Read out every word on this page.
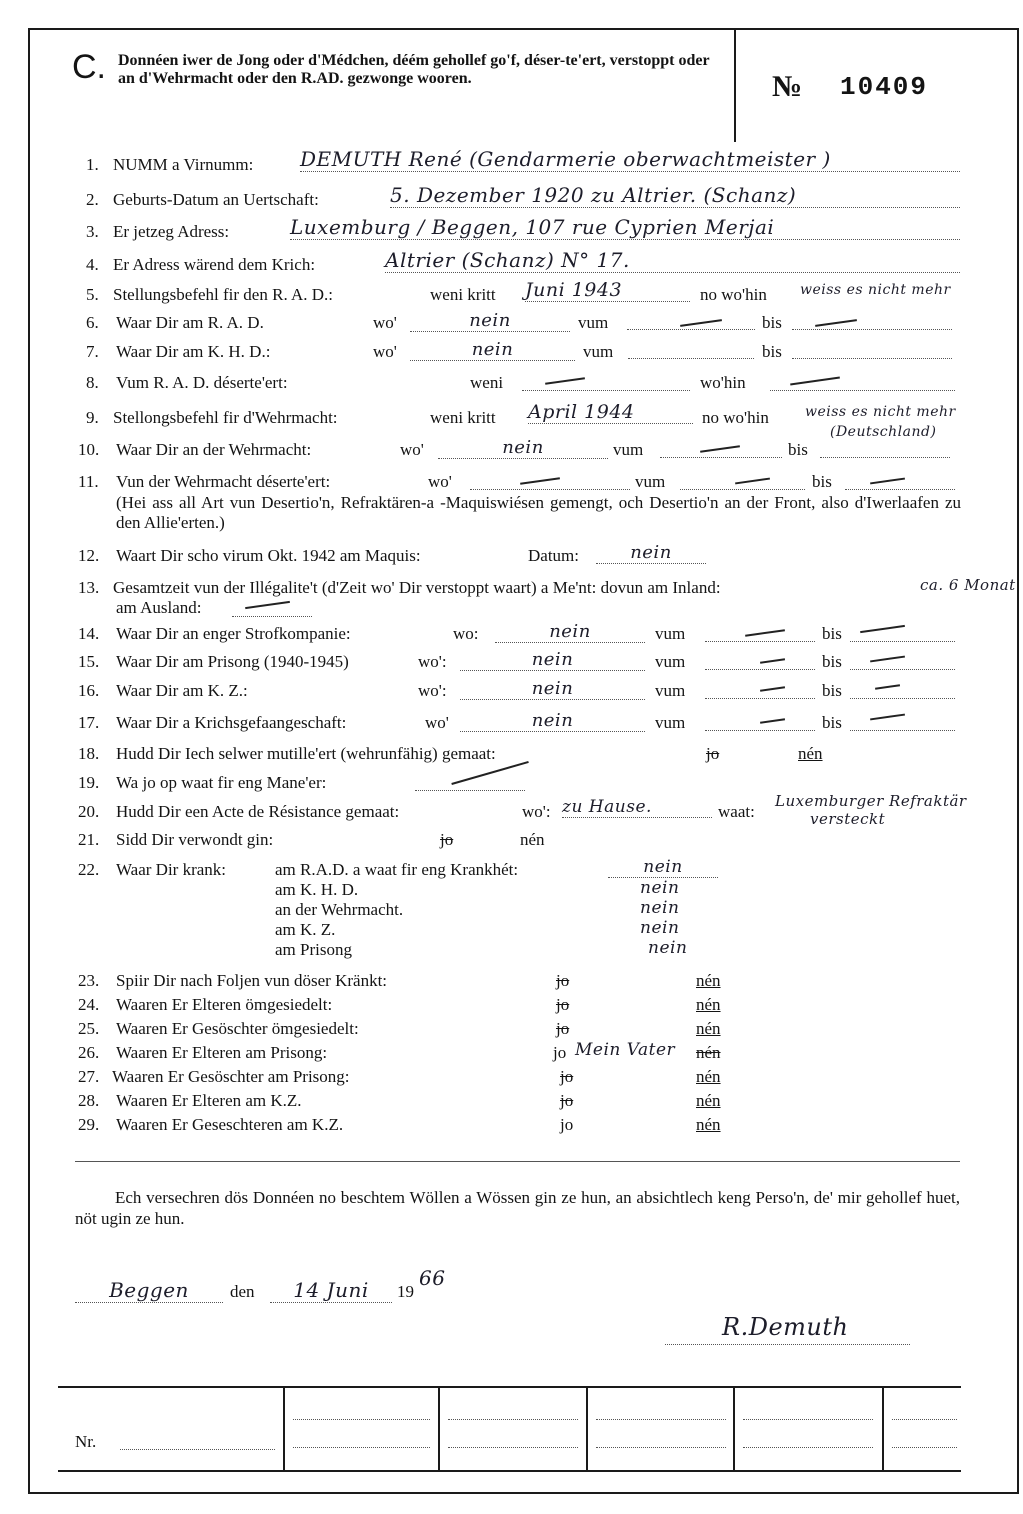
C. Donnéen iwer de Jong oder d'Médchen, déém gehollef go'f, déser-te'ert, verstoppt oder an d'Wehrmacht oder den R.AD. gezwonge wooren.	№ 10409
1. NUMM a Virnumm: DEMUTH René (Gendarmerie oberwachtmeister )
2. Geburts-Datum an Uertschaft:	5. Dezember 1920 zu Altrier. (Schanz)
3. Er jetzeg Adress:	Luxemburg / Beggen, 107 rue Cyprien Merjai
4. Er Adress wärend dem Krich:	Altrier (Schanz) N° 17.
5. Stellungsbefehl fir den R. A. D.:	weni kritt Juni 1943	no wo'hin weiss es nicht mehr
6. Waar Dir am R. A. D.	wo'	nein	vum	bis
7. Waar Dir am K. H. D.:	wo'	nein	vum	bis
8. Vum R. A. D. déserte'ert:	weni	wo'hin
9. Stellongsbefehl fir d'Wehrmacht:	weni kritt April 1944	no wo'hin	weiss es nicht mehr
(Deutschland)
10. Waar Dir an der Wehrmacht:	wo'	nein	vum	bis
11. Vun der Wehrmacht déserte'ert:	wo'	vum	bis
(Hei ass all Art vun Desertio'n, Refraktären-a -Maquiswiésen gemengt, och Desertio'n an der Front, also d'Iwerlaafen zu den Allie'erten.)
12. Waart Dir scho virum Okt. 1942 am Maquis:	Datum:	nein
13. Gesamtzeit vun der Illégalite't (d'Zeit wo' Dir verstoppt waart) a Me'nt: dovun am Inland:	ca. 6 Monat
am Ausland:
14. Waar Dir an enger Strofkompanie:	wo:	nein	vum	bis
15. Waar Dir am Prisong (1940-1945)	wo':	nein	vum	bis
16. Waar Dir am K. Z.:	wo':	nein	vum	bis
17. Waar Dir a Krichsgefaangeschaft:	wo'	nein	vum	bis
18. Hudd Dir Iech selwer mutille'ert (wehrunfähig) gemaat:	jo	nén
19. Wa jo op waat fir eng Mane'er:
20. Hudd Dir een Acte de Résistance gemaat:	wo': zu Hause.	waat:
Luxemburger Refraktär
versteckt
21. Sidd Dir verwondt gin:	jo	nén
22. Waar Dir krank:	am R.A.D. a waat fir eng Krankhét:	nein
am K. H. D.	nein
an der Wehrmacht.	nein
am K. Z.	nein
am Prisong	nein
23. Spiir Dir nach Foljen vun döser Kränkt:	jo	nén
24. Waaren Er Elteren ömgesiedelt:	jo	nén
25. Waaren Er Gesöschter ömgesiedelt:	jo	nén
26. Waaren Er Elteren am Prisong:	jo Mein Vater nén
27. Waaren Er Gesöschter am Prisong:	jo	nén
28. Waaren Er Elteren am K.Z.	jo	nén
29. Waaren Er Geseschteren am K.Z.	jo	nén
Ech versechren dös Donnéen no beschtem Wöllen a Wössen gin ze hun, an absichtlech keng Perso'n, de' mir gehollef huet, nöt ugin ze hun.
Beggen	den	14 Juni	19
66
R.Demuth
Nr.
